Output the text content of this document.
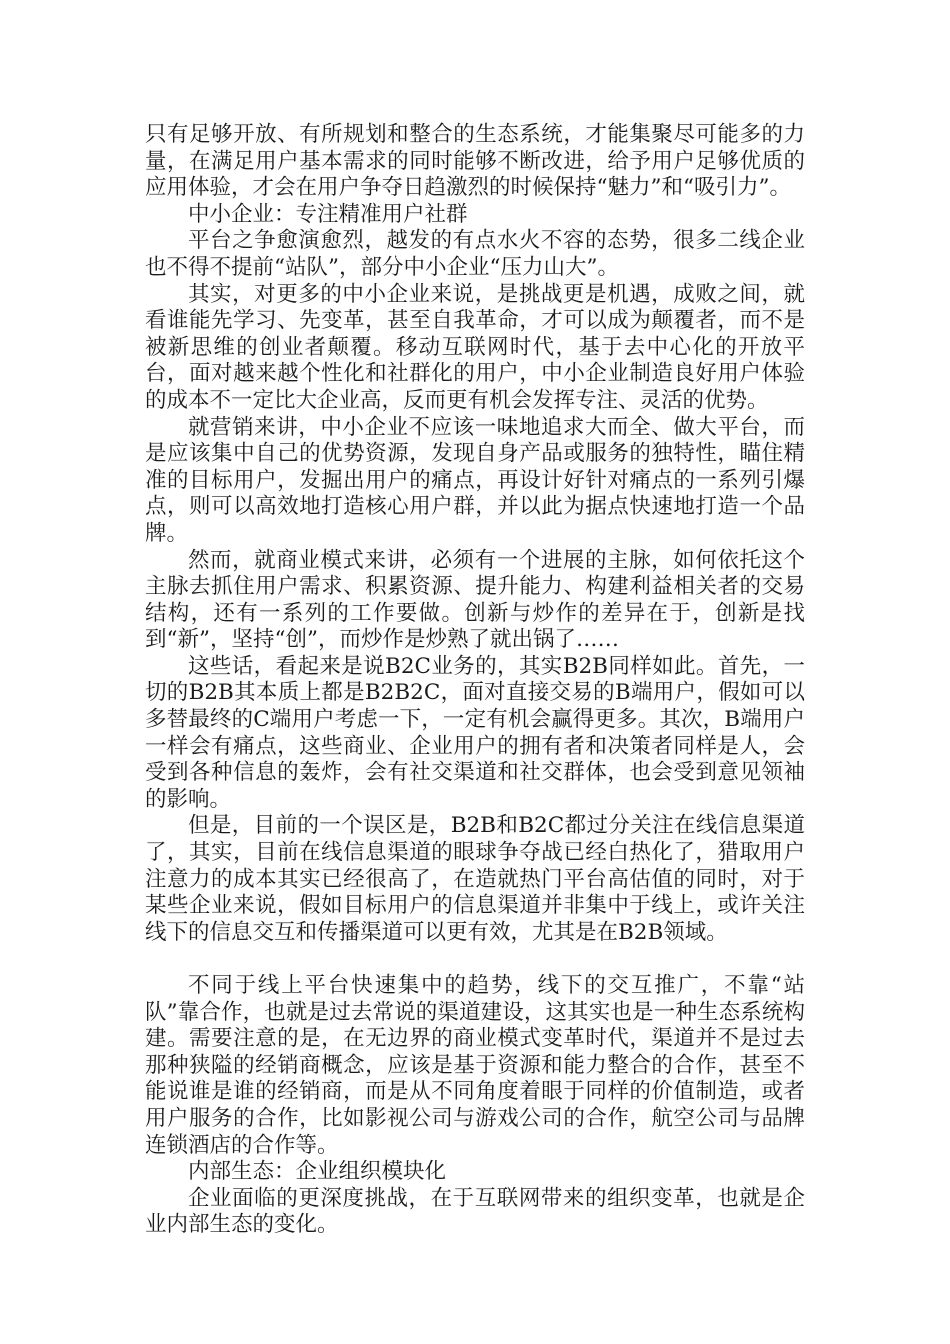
只有足够开放、有所规划和整合的生态系统，才能集聚尽可能多的力量，在满足用户基本需求的同时能够不断改进，给予用户足够优质的应用体验，才会在用户争夺日趋激烈的时候保持“魅力”和“吸引力”。

中小企业：专注精准用户社群

平台之争愈演愈烈，越发的有点水火不容的态势，很多二线企业也不得不提前“站队”，部分中小企业“压力山大”。

其实，对更多的中小企业来说，是挑战更是机遇，成败之间，就看谁能先学习、先变革，甚至自我革命，才可以成为颠覆者，而不是被新思维的创业者颠覆。移动互联网时代，基于去中心化的开放平台，面对越来越个性化和社群化的用户，中小企业制造良好用户体验的成本不一定比大企业高，反而更有机会发挥专注、灵活的优势。

就营销来讲，中小企业不应该一味地追求大而全、做大平台，而是应该集中自己的优势资源，发现自身产品或服务的独特性，瞄住精准的目标用户，发掘出用户的痛点，再设计好针对痛点的一系列引爆点，则可以高效地打造核心用户群，并以此为据点快速地打造一个品牌。

然而，就商业模式来讲，必须有一个进展的主脉，如何依托这个主脉去抓住用户需求、积累资源、提升能力、构建利益相关者的交易结构，还有一系列的工作要做。创新与炒作的差异在于，创新是找到“新”，坚持“创”，而炒作是炒熟了就出锅了……

这些话，看起来是说B2C业务的，其实B2B同样如此。首先，一切的B2B其本质上都是B2B2C，面对直接交易的B端用户，假如可以多替最终的C端用户考虑一下，一定有机会赢得更多。其次，B端用户一样会有痛点，这些商业、企业用户的拥有者和决策者同样是人，会受到各种信息的轰炸，会有社交渠道和社交群体，也会受到意见领袖的影响。

但是，目前的一个误区是，B2B和B2C都过分关注在线信息渠道了，其实，目前在线信息渠道的眼球争夺战已经白热化了，猎取用户注意力的成本其实已经很高了，在造就热门平台高估值的同时，对于某些企业来说，假如目标用户的信息渠道并非集中于线上，或许关注线下的信息交互和传播渠道可以更有效，尤其是在B2B领域。

不同于线上平台快速集中的趋势，线下的交互推广，不靠“站队”靠合作，也就是过去常说的渠道建设，这其实也是一种生态系统构建。需要注意的是，在无边界的商业模式变革时代，渠道并不是过去那种狭隘的经销商概念，应该是基于资源和能力整合的合作，甚至不能说谁是谁的经销商，而是从不同角度着眼于同样的价值制造，或者用户服务的合作，比如影视公司与游戏公司的合作，航空公司与品牌连锁酒店的合作等。

内部生态：企业组织模块化

企业面临的更深度挑战，在于互联网带来的组织变革，也就是企业内部生态的变化。
